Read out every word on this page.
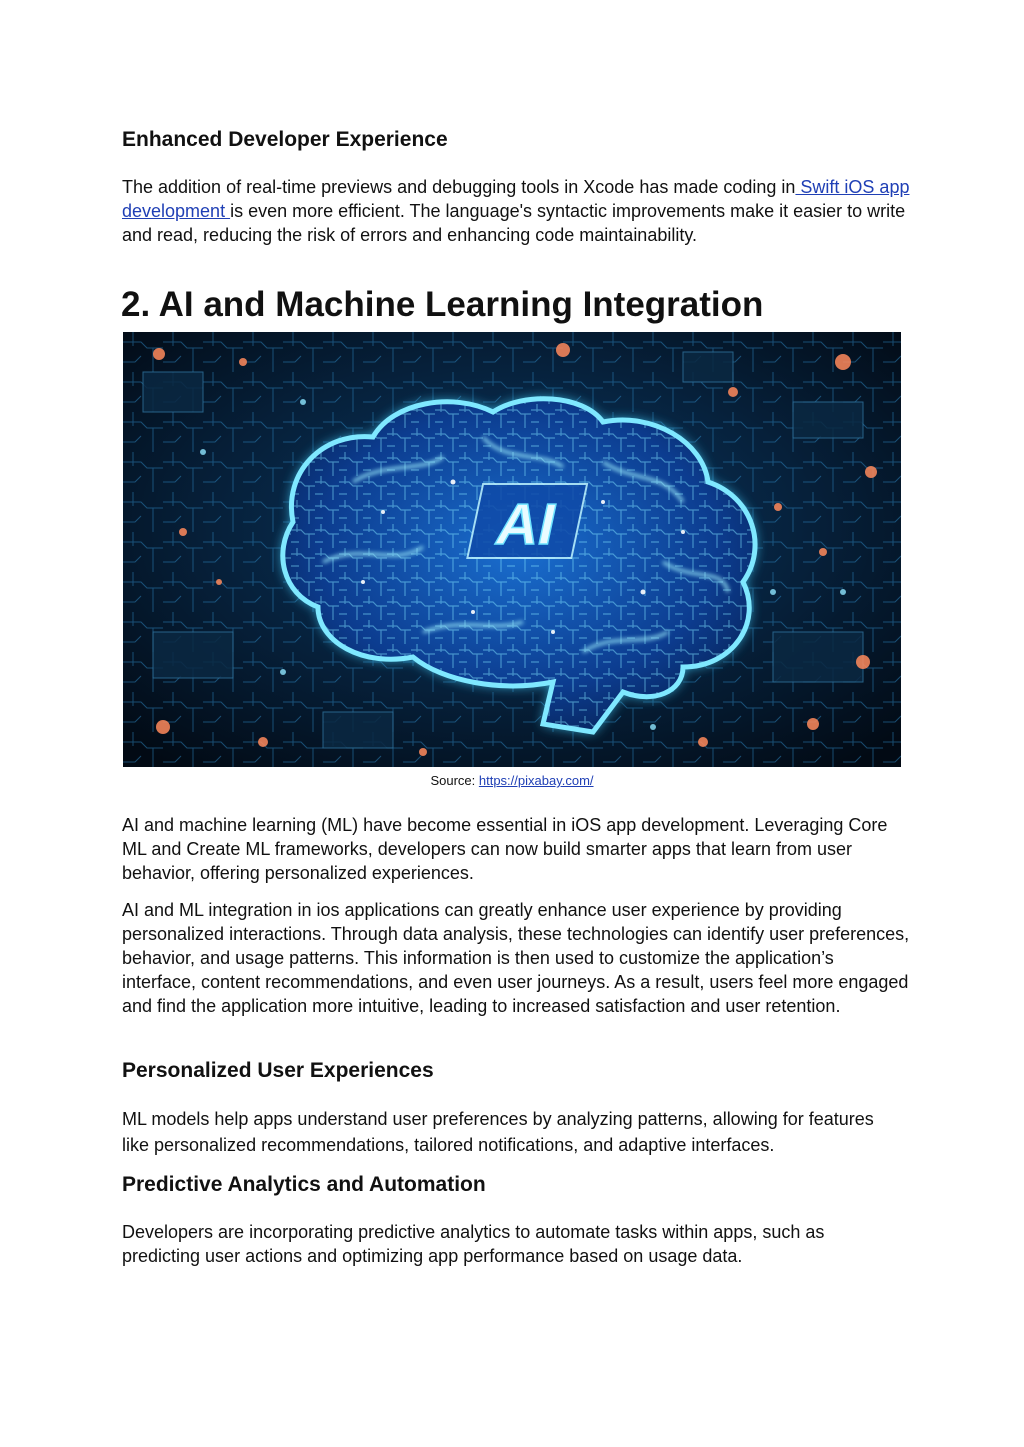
Enhanced Developer Experience

The addition of real-time previews and debugging tools in Xcode has made coding in Swift iOS app development is even more efficient. The language's syntactic improvements make it easier to write and read, reducing the risk of errors and enhancing code maintainability.

2. AI and Machine Learning Integration
AI
Source: https://pixabay.com/

AI and machine learning (ML) have become essential in iOS app development. Leveraging Core ML and Create ML frameworks, developers can now build smarter apps that learn from user behavior, offering personalized experiences.

AI and ML integration in ios applications can greatly enhance user experience by providing personalized interactions. Through data analysis, these technologies can identify user preferences, behavior, and usage patterns. This information is then used to customize the application’s interface, content recommendations, and even user journeys. As a result, users feel more engaged and find the application more intuitive, leading to increased satisfaction and user retention.

Personalized User Experiences

ML models help apps understand user preferences by analyzing patterns, allowing for features like personalized recommendations, tailored notifications, and adaptive interfaces.

Predictive Analytics and Automation

Developers are incorporating predictive analytics to automate tasks within apps, such as predicting user actions and optimizing app performance based on usage data.
